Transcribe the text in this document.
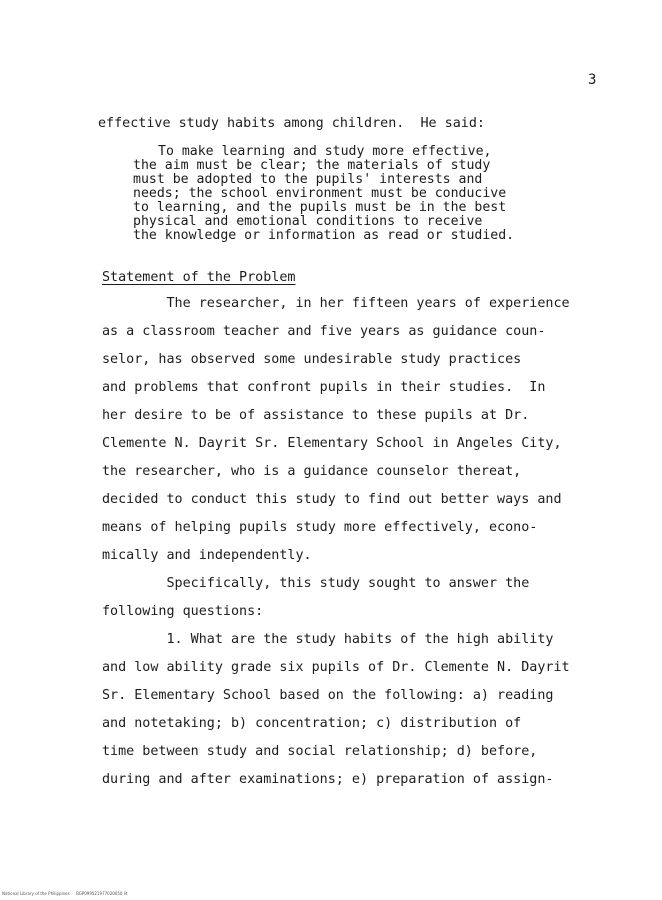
3
effective study habits among children.  He said:
To make learning and study more effective,
the aim must be clear; the materials of study
must be adopted to the pupils' interests and
needs; the school environment must be conducive
to learning, and the pupils must be in the best
physical and emotional conditions to receive
the knowledge or information as read or studied.
Statement of the Problem
The researcher, in her fifteen years of experience
as a classroom teacher and five years as guidance coun-
selor, has observed some undesirable study practices
and problems that confront pupils in their studies.  In
her desire to be of assistance to these pupils at Dr.
Clemente N. Dayrit Sr. Elementary School in Angeles City,
the researcher, who is a guidance counselor thereat,
decided to conduct this study to find out better ways and
means of helping pupils study more effectively, econo-
mically and independently.
Specifically, this study sought to answer the
following questions:
1. What are the study habits of the high ability
and low ability grade six pupils of Dr. Clemente N. Dayrit
Sr. Elementary School based on the following: a) reading
and notetaking; b) concentration; c) distribution of
time between study and social relationship; d) before,
during and after examinations; e) preparation of assign-
National Library of the Philippines     BGP099521977020050 lit
